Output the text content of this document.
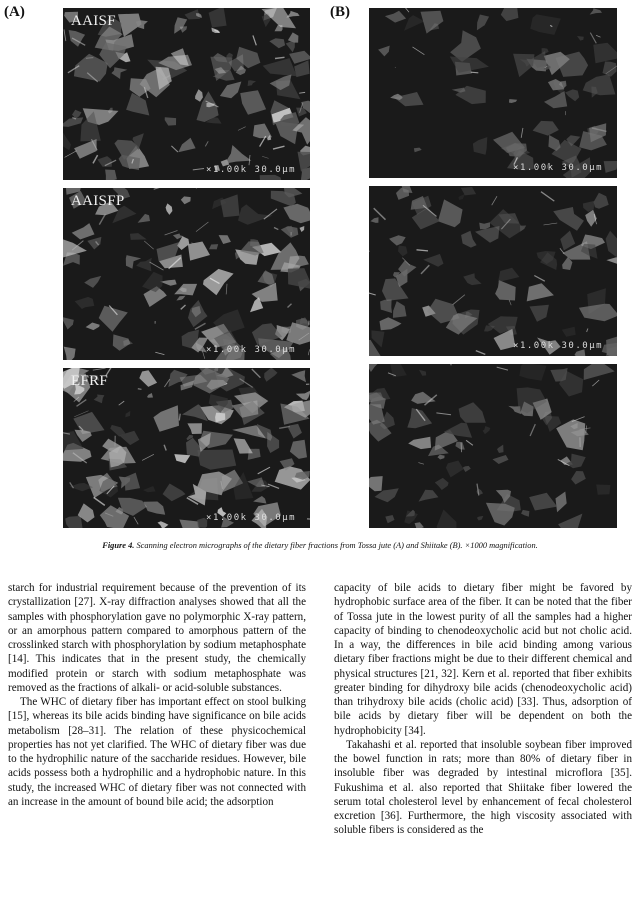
(A)	(B)
AAISF
×1.00k 30.0μm
AAISFP
×1.00k 30.0μm
EFRF
×1.00k 30.0μm
×1.00k 30.0μm
×1.00k 30.0μm
Figure 4. Scanning electron micrographs of the dietary fiber fractions from Tossa jute (A) and Shiitake (B). ×1000 magnification.

starch for industrial requirement because of the prevention of its crystallization [27]. X-ray diffraction analyses showed that all the samples with phosphorylation gave no polymorphic X-ray pattern, or an amorphous pattern compared to amorphous pattern of the crosslinked starch with phosphorylation by sodium metaphosphate [14]. This indicates that in the present study, the chemically modified protein or starch with sodium metaphosphate was removed as the fractions of alkali- or acid-soluble substances.

The WHC of dietary fiber has important effect on stool bulking [15], whereas its bile acids binding have significance on bile acids metabolism [28–31]. The relation of these physicochemical properties has not yet clarified. The WHC of dietary fiber was due to the hydrophilic nature of the saccharide residues. However, bile acids possess both a hydrophilic and a hydrophobic nature. In this study, the increased WHC of dietary fiber was not connected with an increase in the amount of bound bile acid; the adsorption

capacity of bile acids to dietary fiber might be favored by hydrophobic surface area of the fiber. It can be noted that the fiber of Tossa jute in the lowest purity of all the samples had a higher capacity of binding to chenodeoxycholic acid but not cholic acid. In a way, the differences in bile acid binding among various dietary fiber fractions might be due to their different chemical and physical structures [21, 32]. Kern et al. reported that fiber exhibits greater binding for dihydroxy bile acids (chenodeoxycholic acid) than trihydroxy bile acids (cholic acid) [33]. Thus, adsorption of bile acids by dietary fiber will be dependent on both the hydrophobicity [34].

Takahashi et al. reported that insoluble soybean fiber improved the bowel function in rats; more than 80% of dietary fiber in insoluble fiber was degraded by intestinal microflora [35]. Fukushima et al. also reported that Shiitake fiber lowered the serum total cholesterol level by enhancement of fecal cholesterol excretion [36]. Furthermore, the high viscosity associated with soluble fibers is considered as the
